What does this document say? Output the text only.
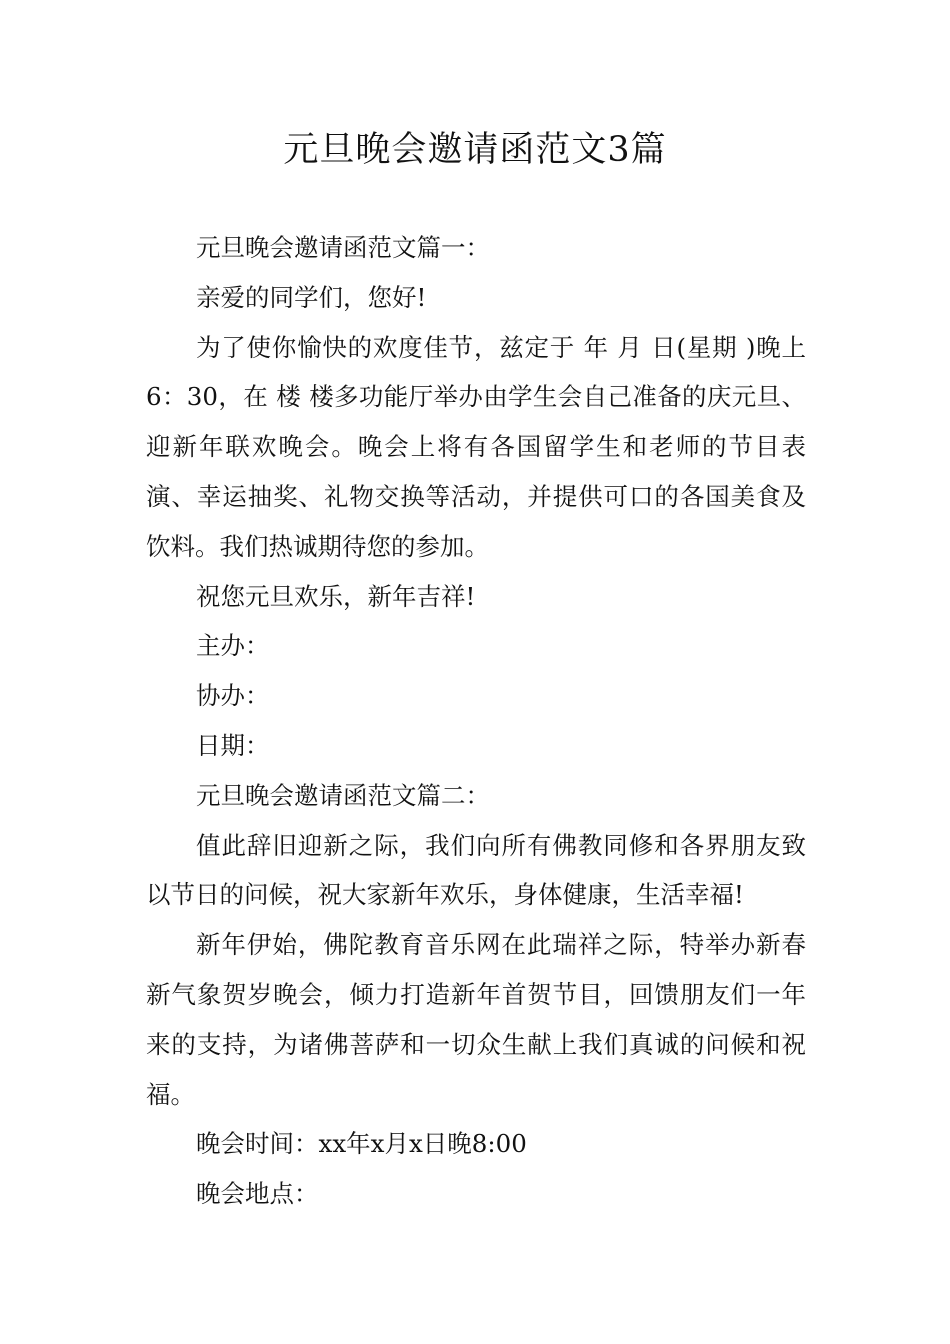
元旦晚会邀请函范文3篇

元旦晚会邀请函范文篇一：

亲爱的同学们，您好!

为了使你愉快的欢度佳节，兹定于 年 月 日(星期 )晚上6：30，在 楼 楼多功能厅举办由学生会自己准备的庆元旦、迎新年联欢晚会。晚会上将有各国留学生和老师的节目表演、幸运抽奖、礼物交换等活动，并提供可口的各国美食及饮料。我们热诚期待您的参加。

祝您元旦欢乐，新年吉祥!

主办：

协办：

日期：

元旦晚会邀请函范文篇二：

值此辞旧迎新之际，我们向所有佛教同修和各界朋友致以节日的问候，祝大家新年欢乐，身体健康，生活幸福!

新年伊始，佛陀教育音乐网在此瑞祥之际，特举办新春新气象贺岁晚会，倾力打造新年首贺节目，回馈朋友们一年来的支持，为诸佛菩萨和一切众生献上我们真诚的问候和祝福。

晚会时间：xx年x月x日晚8:00

晚会地点：
